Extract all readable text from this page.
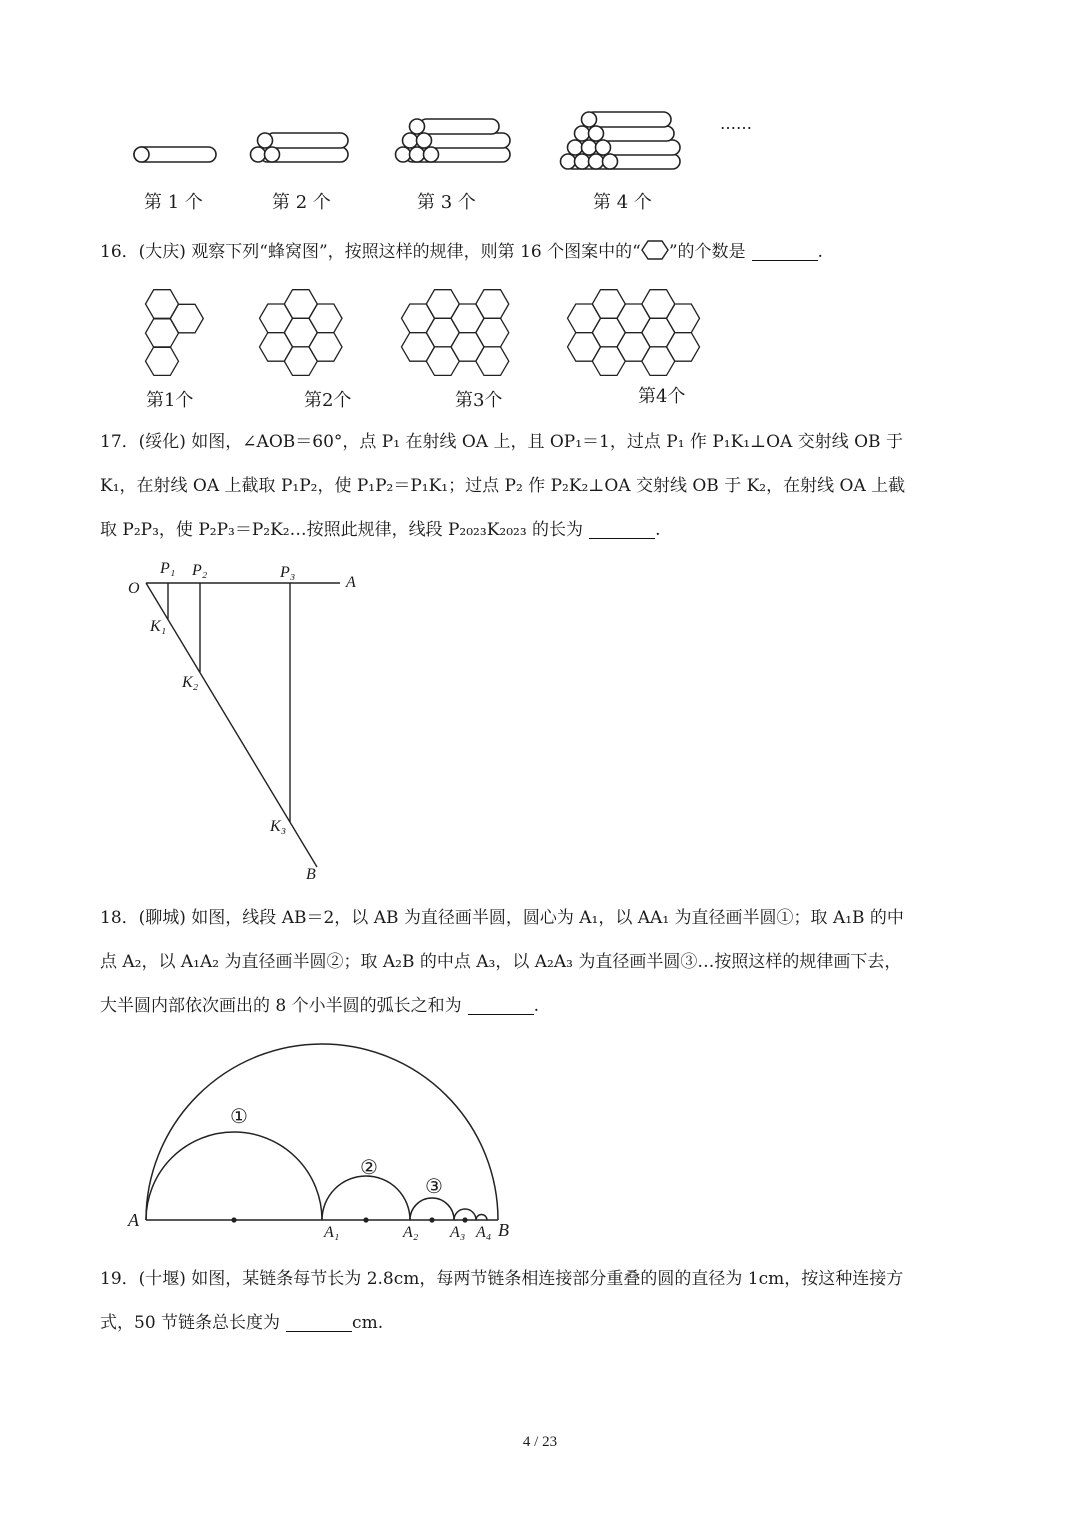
……
第 1 个	第 2 个	第 3 个	第 4 个

16．(大庆) 观察下列“蜂窝图”，按照这样的规律，则第 16 个图案中的“ ”的个数是	.

第1个	第2个	第3个	第4个

17．(绥化) 如图，∠AOB＝60°，点 P₁ 在射线 OA 上，且 OP₁＝1，过点 P₁ 作 P₁K₁⊥OA 交射线 OB 于

K₁，在射线 OA 上截取 P₁P₂，使 P₁P₂＝P₁K₁；过点 P₂ 作 P₂K₂⊥OA 交射线 OB 于 K₂，在射线 OA 上截

取 P₂P₃，使 P₂P₃＝P₂K₂…按照此规律，线段 P₂₀₂₃K₂₀₂₃ 的长为	.

O	A
B
P₁ P₂	P₃
K₁
K₂
K₃

18．(聊城) 如图，线段 AB＝2，以 AB 为直径画半圆，圆心为 A₁，以 AA₁ 为直径画半圆①；取 A₁B 的中

点 A₂，以 A₁A₂ 为直径画半圆②；取 A₂B 的中点 A₃，以 A₂A₃ 为直径画半圆③…按照这样的规律画下去，

大半圆内部依次画出的 8 个小半圆的弧长之和为	.

①
②
③
A
A₁	A₂ A₃ A₄ B

19．(十堰) 如图，某链条每节长为 2.8cm，每两节链条相连接部分重叠的圆的直径为 1cm，按这种连接方

式，50 节链条总长度为	cm.

4 / 23
